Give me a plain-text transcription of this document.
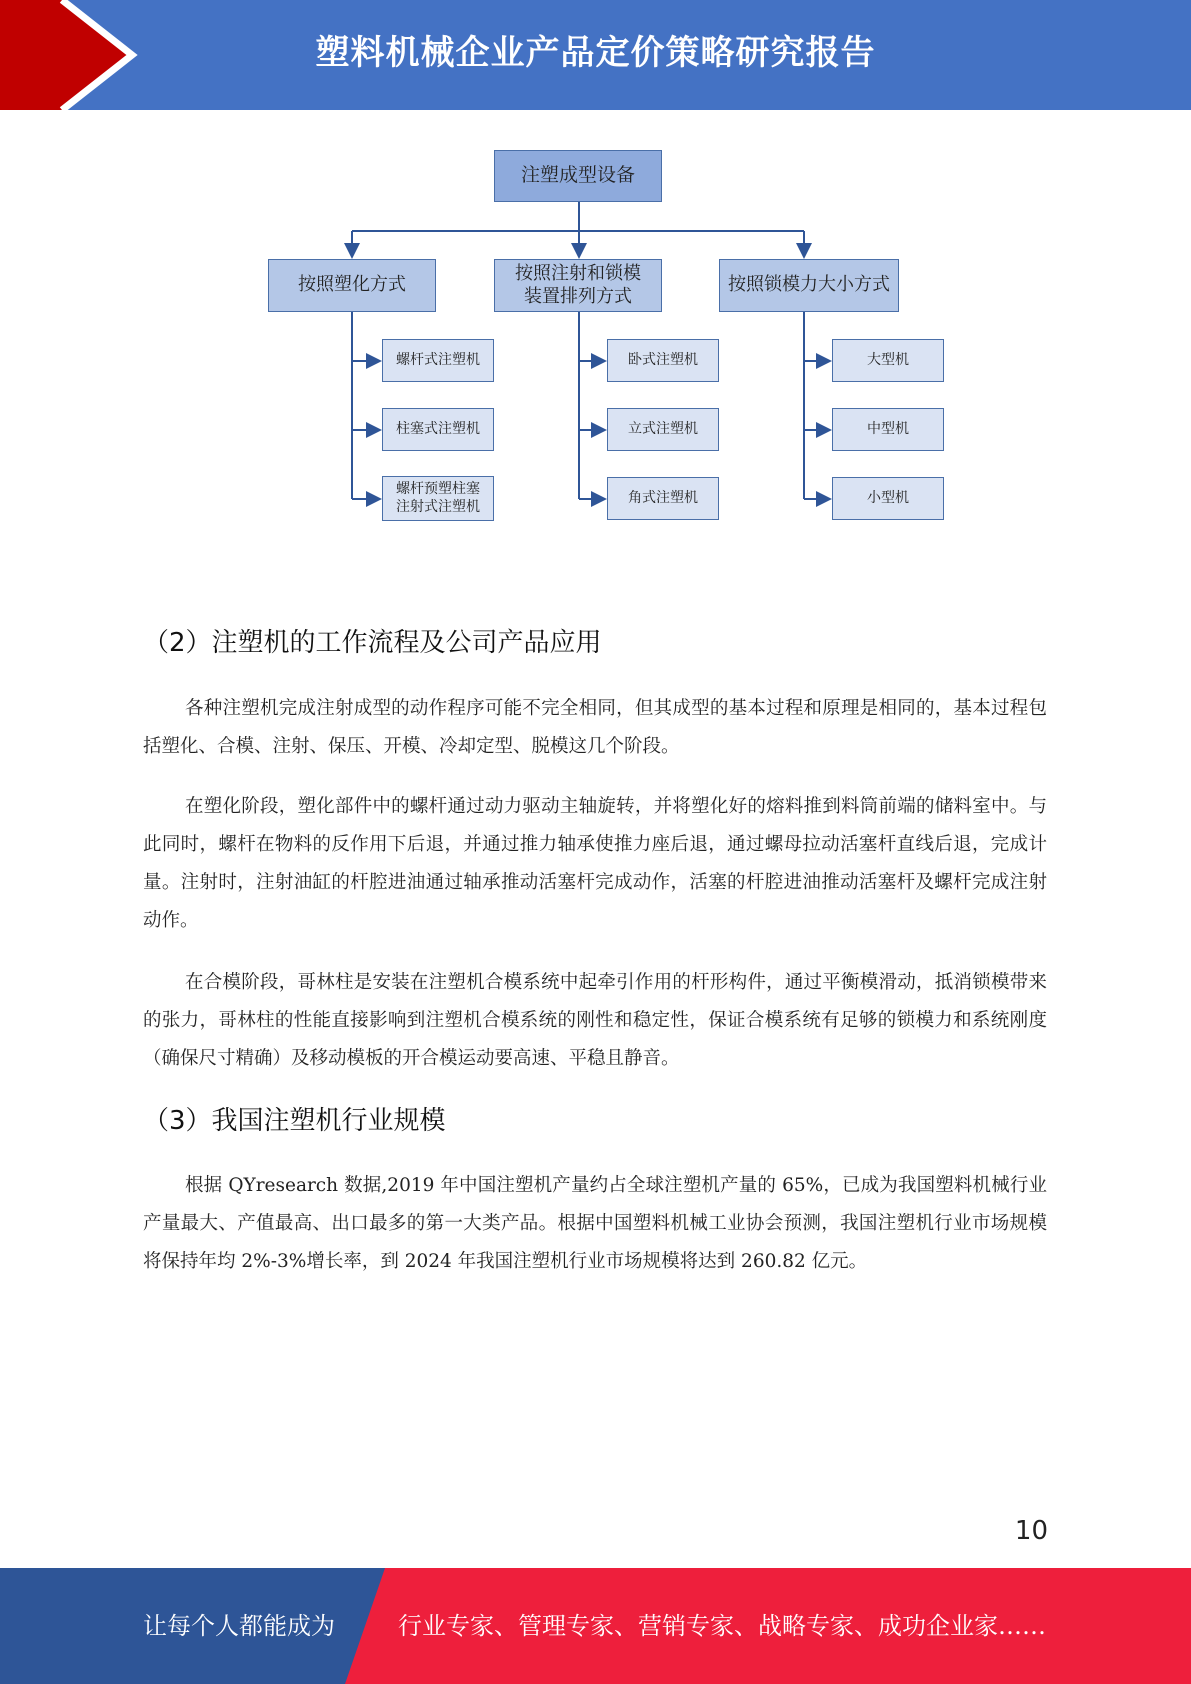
塑料机械企业产品定价策略研究报告
注塑成型设备
按照塑化方式
按照注射和锁模装置排列方式
按照锁模力大小方式
螺杆式注塑机
柱塞式注塑机
螺杆预塑柱塞注射式注塑机
卧式注塑机
立式注塑机
角式注塑机
大型机
中型机
小型机
（2）注塑机的工作流程及公司产品应用

各种注塑机完成注射成型的动作程序可能不完全相同，但其成型的基本过程和原理是相同的，基本过程包括塑化、合模、注射、保压、开模、冷却定型、脱模这几个阶段。

在塑化阶段，塑化部件中的螺杆通过动力驱动主轴旋转，并将塑化好的熔料推到料筒前端的储料室中。与此同时，螺杆在物料的反作用下后退，并通过推力轴承使推力座后退，通过螺母拉动活塞杆直线后退，完成计量。注射时，注射油缸的杆腔进油通过轴承推动活塞杆完成动作，活塞的杆腔进油推动活塞杆及螺杆完成注射动作。

在合模阶段，哥林柱是安装在注塑机合模系统中起牵引作用的杆形构件，通过平衡模滑动，抵消锁模带来的张力，哥林柱的性能直接影响到注塑机合模系统的刚性和稳定性，保证合模系统有足够的锁模力和系统刚度（确保尺寸精确）及移动模板的开合模运动要高速、平稳且静音。

（3）我国注塑机行业规模

根据 QYresearch 数据,2019 年中国注塑机产量约占全球注塑机产量的 65%，已成为我国塑料机械行业产量最大、产值最高、出口最多的第一大类产品。根据中国塑料机械工业协会预测，我国注塑机行业市场规模将保持年均 2%-3%增长率，到 2024 年我国注塑机行业市场规模将达到 260.82 亿元。

10
让每个人都能成为	行业专家、管理专家、营销专家、战略专家、成功企业家……
